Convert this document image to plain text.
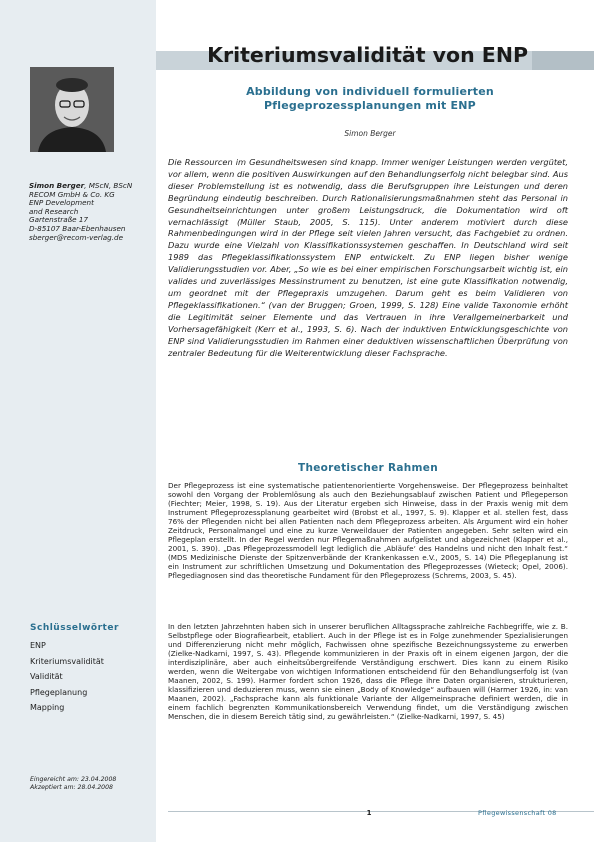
Simon Berger, MScN, BScN
RECOM GmbH & Co. KG
ENP Development
and Research
Gartenstraße 17
D-85107 Baar-Ebenhausen
sberger@recom-verlag.de
Schlüsselwörter
ENP
Kriteriumsvalidität
Validität
Pflegeplanung
Mapping
Eingereicht am: 23.04.2008
Akzeptiert am: 28.04.2008
Kriteriumsvalidität von ENP
Abbildung von individuell formulierten Pflegeprozessplanungen mit ENP
Simon Berger

Die Ressourcen im Gesundheitswesen sind knapp. Immer weniger Leistungen werden vergütet, vor allem, wenn die positiven Auswirkungen auf den Behandlungserfolg nicht belegbar sind. Aus dieser Problemstellung ist es notwendig, dass die Berufsgruppen ihre Leistungen und deren Begründung eindeutig beschreiben. Durch Rationalisierungsmaßnahmen steht das Personal in Gesundheitseinrichtungen unter großem Leistungsdruck, die Dokumentation wird oft vernachlässigt (Müller Staub, 2005, S. 115). Unter anderem motiviert durch diese Rahmenbedingungen wird in der Pflege seit vielen Jahren versucht, das Fachgebiet zu ordnen. Dazu wurde eine Vielzahl von Klassifikationssystemen geschaffen. In Deutschland wird seit 1989 das Pflegeklassifikationssystem ENP entwickelt. Zu ENP liegen bisher wenige Validierungsstudien vor. Aber, „So wie es bei einer empirischen Forschungsarbeit wichtig ist, ein valides und zuverlässiges Messinstrument zu benutzen, ist eine gute Klassifikation notwendig, um geordnet mit der Pflegepraxis umzugehen. Darum geht es beim Validieren von Pflegeklassifikationen.“ (van der Bruggen; Groen, 1999, S. 128) Eine valide Taxonomie erhöht die Legitimität seiner Elemente und das Vertrauen in ihre Verallgemeinerbarkeit und Vorhersagefähigkeit (Kerr et al., 1993, S. 6). Nach der induktiven Entwicklungsgeschichte von ENP sind Validierungsstudien im Rahmen einer deduktiven wissenschaftlichen Überprüfung von zentraler Bedeutung für die Weiterentwicklung dieser Fachsprache.

Theoretischer Rahmen

Der Pflegeprozess ist eine systematische patientenorientierte Vorgehensweise. Der Pflegeprozess beinhaltet sowohl den Vorgang der Problemlösung als auch den Beziehungsablauf zwischen Patient und Pflegeperson (Fiechter; Meier, 1998, S. 19). Aus der Literatur ergeben sich Hinweise, dass in der Praxis wenig mit dem Instrument Pflegeprozessplanung gearbeitet wird (Brobst et al., 1997, S. 9). Klapper et al. stellen fest, dass 76% der Pflegenden nicht bei allen Patienten nach dem Pflegeprozess arbeiten. Als Argument wird ein hoher Zeitdruck, Personalmangel und eine zu kurze Verweildauer der Patienten angegeben. Sehr selten wird ein Pflegeplan erstellt. In der Regel werden nur Pflegemaßnahmen aufgelistet und abgezeichnet (Klapper et al., 2001, S. 390). „Das Pflegeprozessmodell legt lediglich die ‚Abläufe‘ des Handelns und nicht den Inhalt fest.“ (MDS Medizinische Dienste der Spitzenverbände der Krankenkassen e.V., 2005, S. 14) Die Pflegeplanung ist ein Instrument zur schriftlichen Umsetzung und Dokumentation des Pflegeprozesses (Wieteck; Opel, 2006). Pflegediagnosen sind das theoretische Fundament für den Pflegeprozess (Schrems, 2003, S. 45).

In den letzten Jahrzehnten haben sich in unserer beruflichen Alltagssprache zahlreiche Fachbegriffe, wie z. B. Selbstpflege oder Biografiearbeit, etabliert. Auch in der Pflege ist es in Folge zunehmender Spezialisierungen und Differenzierung nicht mehr möglich, Fachwissen ohne spezifische Bezeichnungssysteme zu erwerben (Zielke-Nadkarni, 1997, S. 43). Pflegende kommunizieren in der Praxis oft in einem eigenen Jargon, der die interdisziplinäre, aber auch einheitsübergreifende Verständigung erschwert. Dies kann zu einem Risiko werden, wenn die Weitergabe von wichtigen Informationen entscheidend für den Behandlungserfolg ist (van Maanen, 2002, S. 199). Harmer fordert schon 1926, dass die Pflege ihre Daten organisieren, strukturieren, klassifizieren und deduzieren muss, wenn sie einen „Body of Knowledge“ aufbauen will (Harmer 1926, in: van Maanen, 2002). „Fachsprache kann als funktionale Variante der Allgemeinsprache definiert werden, die in einem fachlich begrenzten Kommunikationsbereich Verwendung findet, um die Verständigung zwischen Menschen, die in diesem Bereich tätig sind, zu gewährleisten.“ (Zielke-Nadkarni, 1997, S. 45)

1	Pflegewissenschaft 08
